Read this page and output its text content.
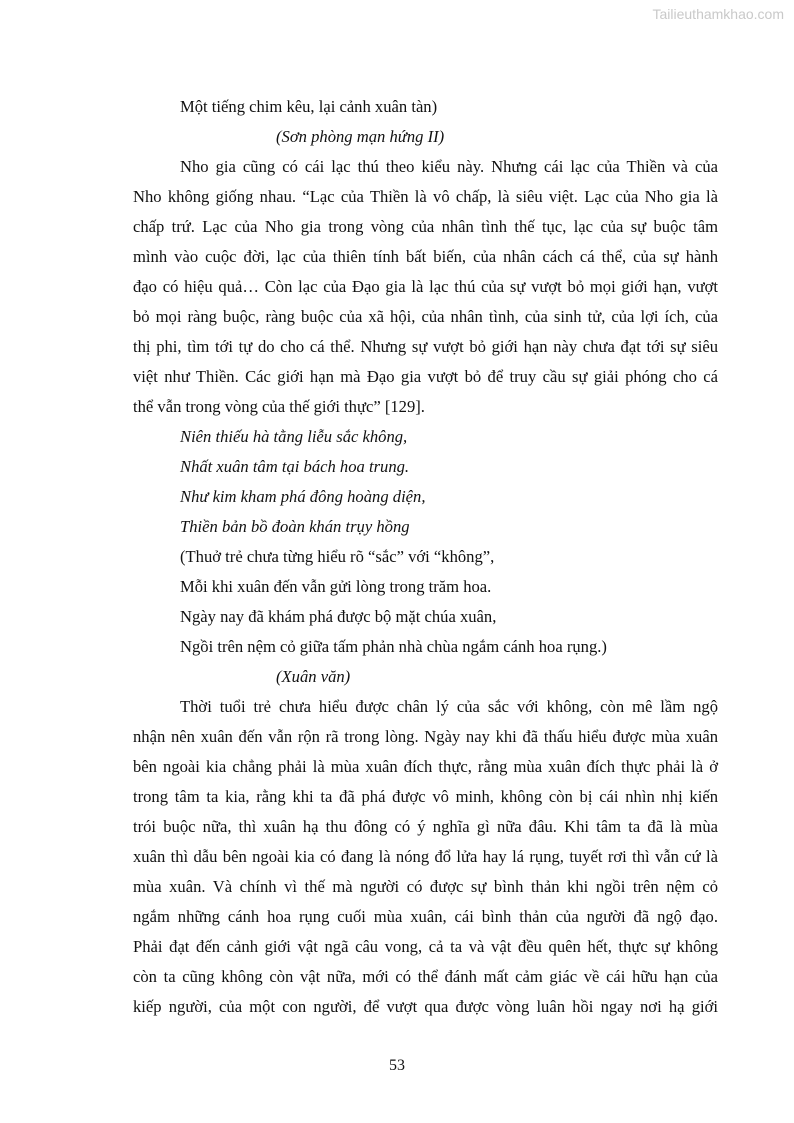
Tailieuthamkhao.com
Một tiếng chim kêu, lại cảnh xuân tàn)
(Sơn phòng mạn hứng II)
Nho gia cũng có cái lạc thú theo kiểu này. Nhưng cái lạc của Thiền và của
Nho không giống nhau. “Lạc của Thiền là vô chấp, là siêu việt. Lạc của Nho gia là
chấp trứ. Lạc của Nho gia trong vòng của nhân tình thế tục, lạc của sự buộc tâm
mình vào cuộc đời, lạc của thiên tính bất biến, của nhân cách cá thể, của sự hành
đạo có hiệu quả… Còn lạc của Đạo gia là lạc thú của sự vượt bỏ mọi giới hạn, vượt
bỏ mọi ràng buộc, ràng buộc của xã hội, của nhân tình, của sinh tử, của lợi ích, của
thị phi, tìm tới tự do cho cá thể. Nhưng sự vượt bỏ giới hạn này chưa đạt tới sự siêu
việt như Thiền. Các giới hạn mà Đạo gia vượt bỏ để truy cầu sự giải phóng cho cá
thể vẫn trong vòng của thế giới thực” [129].
Niên thiếu hà tằng liễu sắc không,
Nhất xuân tâm tại bách hoa trung.
Như kim kham phá đông hoàng diện,
Thiền bản bồ đoàn khán trụy hồng
(Thuở trẻ chưa từng hiểu rõ “sắc” với “không”,
Mỗi khi xuân đến vẫn gửi lòng trong trăm hoa.
Ngày nay đã khám phá được bộ mặt chúa xuân,
Ngồi trên nệm cỏ giữa tấm phản nhà chùa ngắm cánh hoa rụng.)
(Xuân văn)
Thời tuổi trẻ chưa hiểu được chân lý của sắc với không, còn mê lầm ngộ
nhận nên xuân đến vẫn rộn rã trong lòng. Ngày nay khi đã thấu hiểu được mùa xuân
bên ngoài kia chẳng phải là mùa xuân đích thực, rằng mùa xuân đích thực phải là ở
trong tâm ta kia, rằng khi ta đã phá được vô minh, không còn bị cái nhìn nhị kiến
trói buộc nữa, thì xuân hạ thu đông có ý nghĩa gì nữa đâu. Khi tâm ta đã là mùa
xuân thì dẫu bên ngoài kia có đang là nóng đổ lửa hay lá rụng, tuyết rơi thì vẫn cứ là
mùa xuân. Và chính vì thế mà người có được sự bình thản khi ngồi trên nệm cỏ
ngắm những cánh hoa rụng cuối mùa xuân, cái bình thản của người đã ngộ đạo.
Phải đạt đến cảnh giới vật ngã câu vong, cả ta và vật đều quên hết, thực sự không
còn ta cũng không còn vật nữa, mới có thể đánh mất cảm giác về cái hữu hạn của
kiếp người, của một con người, để vượt qua được vòng luân hồi ngay nơi hạ giới
53
